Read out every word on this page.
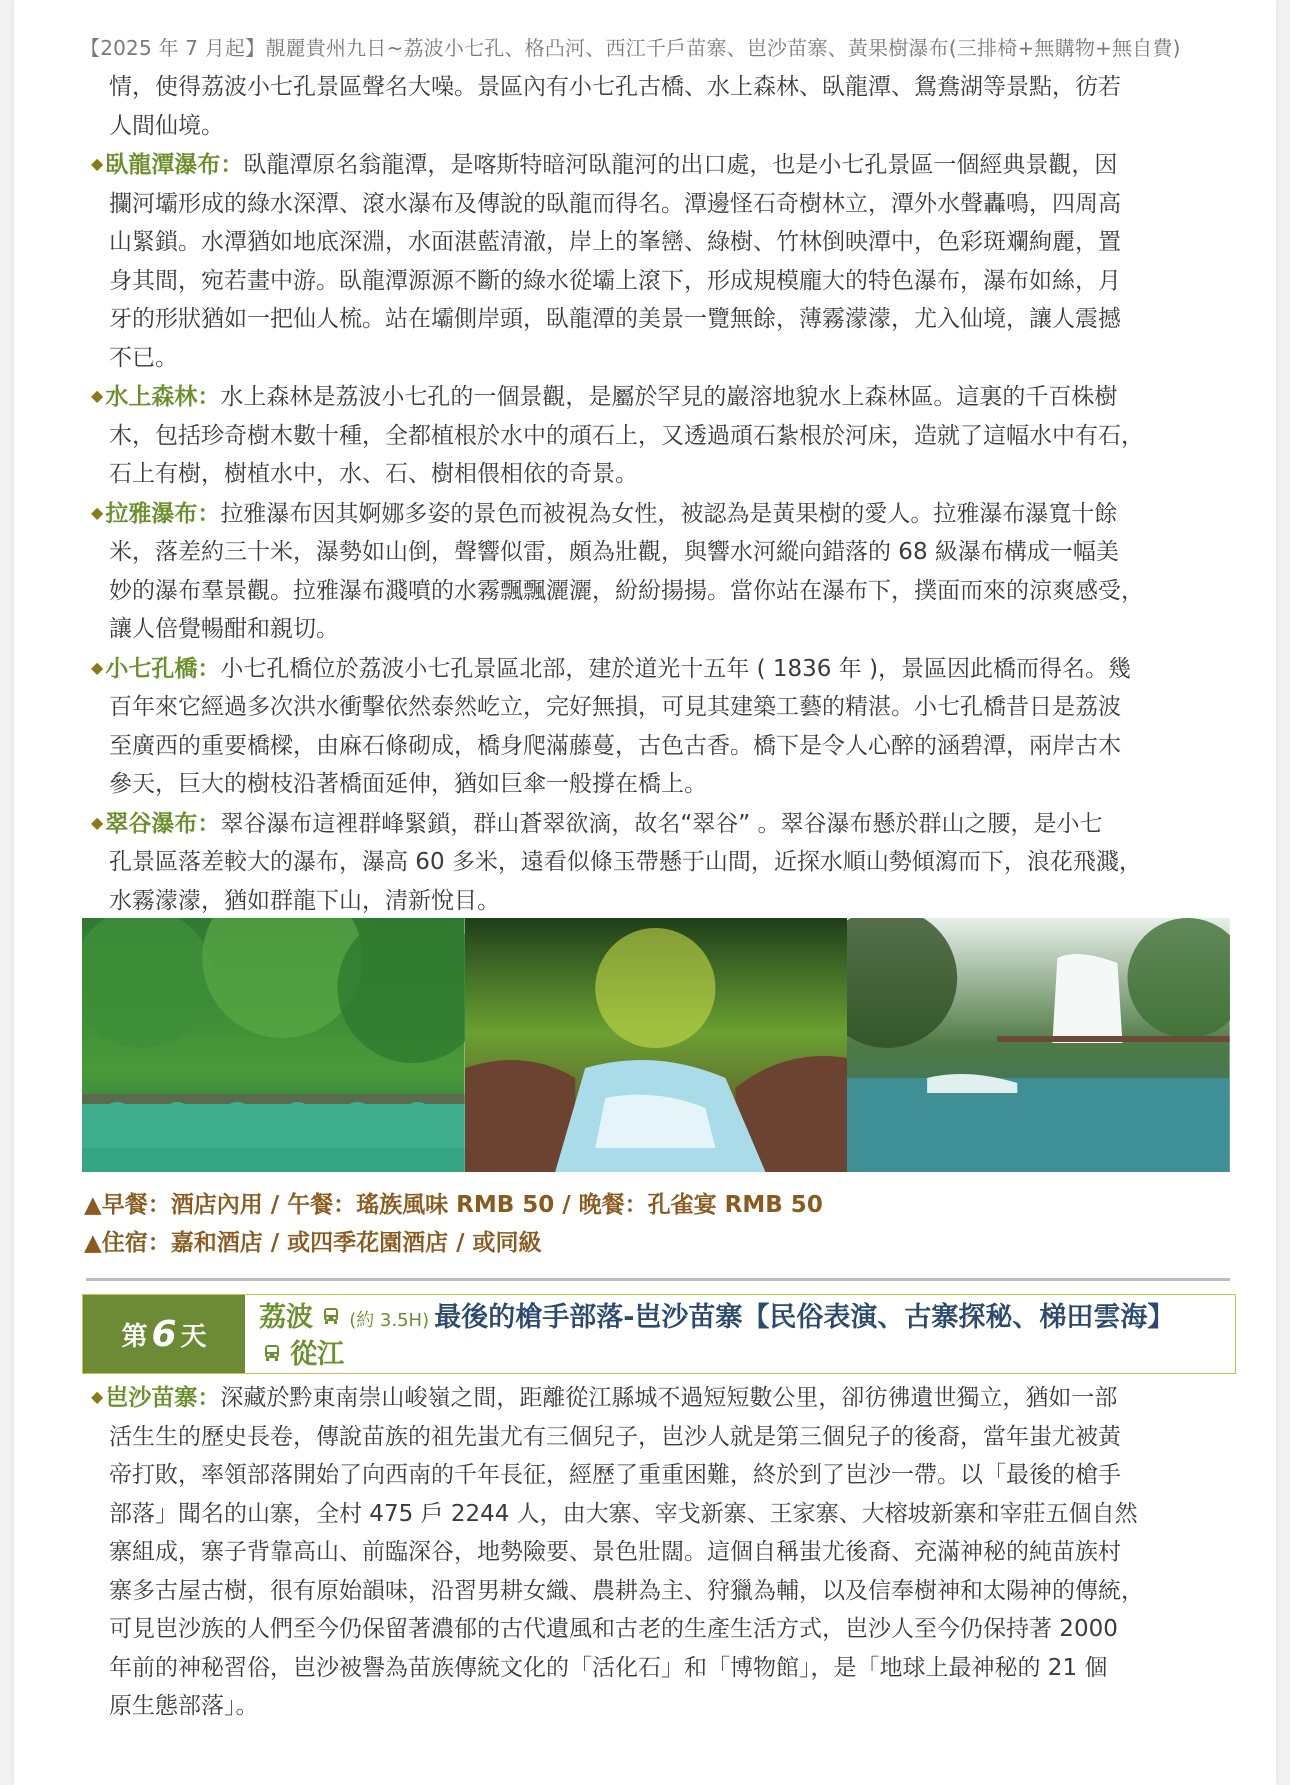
【2025 年 7 月起】靚麗貴州九日~荔波小七孔、格凸河、西江千戶苗寨、岜沙苗寨、黃果樹瀑布(三排椅+無購物+無自費)

情，使得荔波小七孔景區聲名大噪。景區內有小七孔古橋、水上森林、臥龍潭、鴛鴦湖等景點，彷若

人間仙境。

◆臥龍潭瀑布：臥龍潭原名翁龍潭，是喀斯特暗河臥龍河的出口處，也是小七孔景區一個經典景觀，因
攔河壩形成的綠水深潭、滾水瀑布及傳說的臥龍而得名。潭邊怪石奇樹林立，潭外水聲轟鳴，四周高
山緊鎖。水潭猶如地底深淵，水面湛藍清澈，岸上的峯巒、綠樹、竹林倒映潭中，色彩斑斕絢麗，置
身其間，宛若畫中游。臥龍潭源源不斷的綠水從壩上滾下，形成規模龐大的特色瀑布，瀑布如絲，月
牙的形狀猶如一把仙人梳。站在壩側岸頭，臥龍潭的美景一覽無餘，薄霧濛濛，尤入仙境，讓人震撼
不已。

◆水上森林：水上森林是荔波小七孔的一個景觀，是屬於罕見的巖溶地貌水上森林區。這裏的千百株樹
木，包括珍奇樹木數十種，全都植根於水中的頑石上，又透過頑石紮根於河床，造就了這幅水中有石，
石上有樹，樹植水中，水、石、樹相偎相依的奇景。

◆拉雅瀑布：拉雅瀑布因其婀娜多姿的景色而被視為女性，被認為是黃果樹的愛人。拉雅瀑布瀑寬十餘
米，落差約三十米，瀑勢如山倒，聲響似雷，頗為壯觀，與響水河縱向錯落的 68 級瀑布構成一幅美
妙的瀑布羣景觀。拉雅瀑布濺噴的水霧飄飄灑灑，紛紛揚揚。當你站在瀑布下，撲面而來的涼爽感受，
讓人倍覺暢酣和親切。

◆小七孔橋：小七孔橋位於荔波小七孔景區北部，建於道光十五年 ( 1836 年 )，景區因此橋而得名。幾
百年來它經過多次洪水衝擊依然泰然屹立，完好無損，可見其建築工藝的精湛。小七孔橋昔日是荔波
至廣西的重要橋樑，由麻石條砌成，橋身爬滿藤蔓，古色古香。橋下是令人心醉的涵碧潭，兩岸古木
參天，巨大的樹枝沿著橋面延伸，猶如巨傘一般撐在橋上。

◆翠谷瀑布：翠谷瀑布這裡群峰緊鎖，群山蒼翠欲滴，故名“翠谷” 。翠谷瀑布懸於群山之腰，是小七
孔景區落差較大的瀑布，瀑高 60 多米，遠看似條玉帶懸于山間，近探水順山勢傾瀉而下，浪花飛濺，
水霧濛濛，猶如群龍下山，清新悅目。

▲早餐：酒店內用 / 午餐：瑤族風味 RMB 50 / 晚餐：孔雀宴 RMB 50
▲住宿：嘉和酒店 / 或四季花園酒店 / 或同級
第 6 天
荔波 (約 3.5H) 最後的槍手部落-岜沙苗寨【民俗表演、古寨探秘、梯田雲海】
從江

◆岜沙苗寨：深藏於黔東南崇山峻嶺之間，距離從江縣城不過短短數公里，卻彷彿遺世獨立，猶如一部
活生生的歷史長卷，傳說苗族的祖先蚩尤有三個兒子，岜沙人就是第三個兒子的後裔，當年蚩尤被黃
帝打敗，率領部落開始了向西南的千年長征，經歷了重重困難，終於到了岜沙一帶。以「最後的槍手
部落」聞名的山寨，全村 475 戶 2244 人，由大寨、宰戈新寨、王家寨、大榕坡新寨和宰莊五個自然
寨組成，寨子背靠高山、前臨深谷，地勢險要、景色壯闊。這個自稱蚩尤後裔、充滿神秘的純苗族村
寨多古屋古樹，很有原始韻味，沿習男耕女織、農耕為主、狩獵為輔，以及信奉樹神和太陽神的傳統，
可見岜沙族的人們至今仍保留著濃郁的古代遺風和古老的生產生活方式，岜沙人至今仍保持著 2000
年前的神秘習俗，岜沙被譽為苗族傳統文化的「活化石」和「博物館」，是「地球上最神秘的 21 個
原生態部落」。
